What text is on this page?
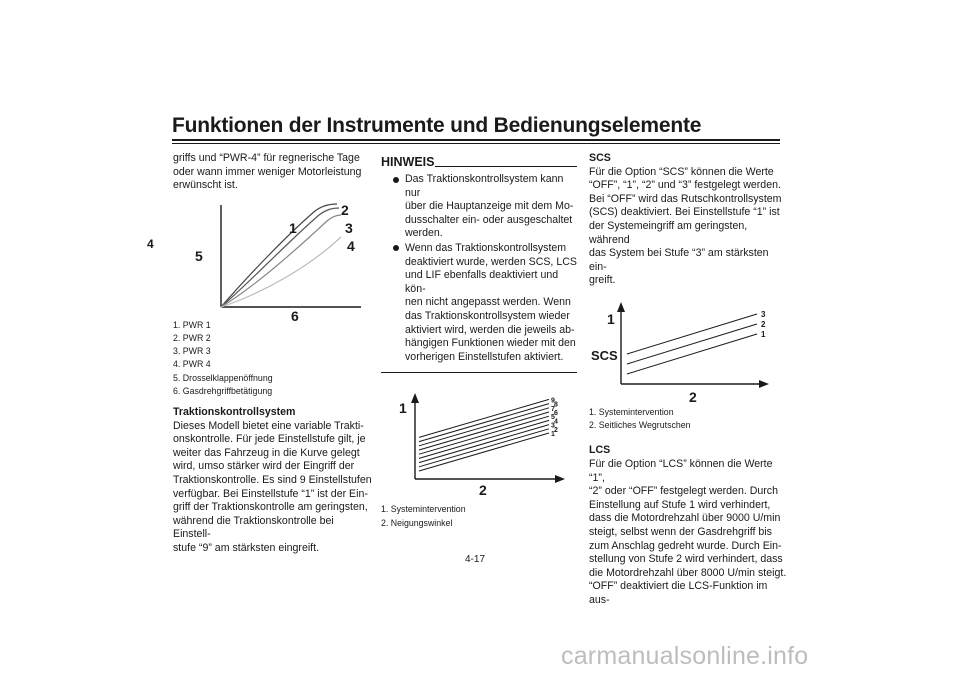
Funktionen der Instrumente und Bedienungselemente
4

griffs und “PWR-4” für regnerische Tage

oder wann immer weniger Motorleistung

erwünscht ist.

1
2
3
4
5
6
1. PWR 1
2. PWR 2
3. PWR 3
4. PWR 4
5. Drosselklappenöffnung
6. Gasdrehgriffbetätigung

Traktionskontrollsystem

Dieses Modell bietet eine variable Trakti-

onskontrolle. Für jede Einstellstufe gilt, je

weiter das Fahrzeug in die Kurve gelegt

wird, umso stärker wird der Eingriff der

Traktionskontrolle. Es sind 9 Einstellstufen

verfügbar. Bei Einstellstufe “1” ist der Ein-

griff der Traktionskontrolle am geringsten,

während die Traktionskontrolle bei Einstell-

stufe “9” am stärksten eingreift.

HINWEIS

Das Traktionskontrollsystem kann nur

über die Hauptanzeige mit dem Mo-

dusschalter ein- oder ausgeschaltet

werden.

Wenn das Traktionskontrollsystem

deaktiviert wurde, werden SCS, LCS

und LIF ebenfalls deaktiviert und kön-

nen nicht angepasst werden. Wenn

das Traktionskontrollsystem wieder

aktiviert wird, werden die jeweils ab-

hängigen Funktionen wieder mit den

vorherigen Einstellstufen aktiviert.

9
8
7
6
5
4
3
2
1
1
2
1. Systemintervention
2. Neigungswinkel

SCS

Für die Option “SCS” können die Werte

“OFF”, “1”, “2” und “3” festgelegt werden.

Bei “OFF” wird das Rutschkontrollsystem

(SCS) deaktiviert. Bei Einstellstufe “1” ist

der Systemeingriff am geringsten, während

das System bei Stufe “3” am stärksten ein-

greift.

3
2
1
1
SCS
2
1. Systemintervention
2. Seitliches Wegrutschen

LCS

Für die Option “LCS” können die Werte “1”,

“2” oder “OFF” festgelegt werden. Durch

Einstellung auf Stufe 1 wird verhindert,

dass die Motordrehzahl über 9000 U/min

steigt, selbst wenn der Gasdrehgriff bis

zum Anschlag gedreht wurde. Durch Ein-

stellung von Stufe 2 wird verhindert, dass

die Motordrehzahl über 8000 U/min steigt.

“OFF” deaktiviert die LCS-Funktion im aus-

4-17
carmanualsonline.info
